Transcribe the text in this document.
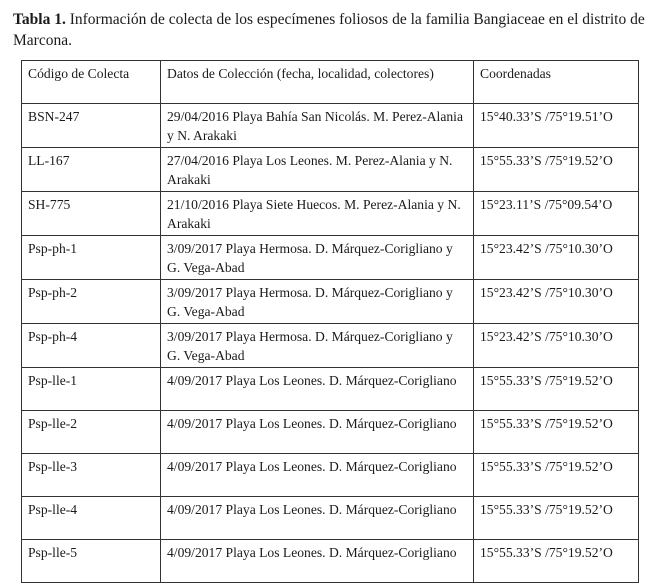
Tabla 1. Información de colecta de los especímenes foliosos de la familia Bangiaceae en el distrito de Marcona.
Código de Colecta	Datos de Colección (fecha, localidad, colectores)	Coordenadas
BSN-247	29/04/2016 Playa Bahía San Nicolás. M. Perez-Alania y N. Arakaki	15°40.33’S /75°19.51’O
LL-167	27/04/2016 Playa Los Leones. M. Perez-Alania y N. Arakaki	15°55.33’S /75°19.52’O
SH-775	21/10/2016 Playa Siete Huecos. M. Perez-Alania y N. Arakaki	15°23.11’S /75°09.54’O
Psp-ph-1	3/09/2017 Playa Hermosa. D. Márquez-Corigliano y G. Vega-Abad	15°23.42’S /75°10.30’O
Psp-ph-2	3/09/2017 Playa Hermosa. D. Márquez-Corigliano y G. Vega-Abad	15°23.42’S /75°10.30’O
Psp-ph-4	3/09/2017 Playa Hermosa. D. Márquez-Corigliano y G. Vega-Abad	15°23.42’S /75°10.30’O
Psp-lle-1	4/09/2017 Playa Los Leones. D. Márquez-Corigliano	15°55.33’S /75°19.52’O
Psp-lle-2	4/09/2017 Playa Los Leones. D. Márquez-Corigliano	15°55.33’S /75°19.52’O
Psp-lle-3	4/09/2017 Playa Los Leones. D. Márquez-Corigliano	15°55.33’S /75°19.52’O
Psp-lle-4	4/09/2017 Playa Los Leones. D. Márquez-Corigliano	15°55.33’S /75°19.52’O
Psp-lle-5	4/09/2017 Playa Los Leones. D. Márquez-Corigliano	15°55.33’S /75°19.52’O
